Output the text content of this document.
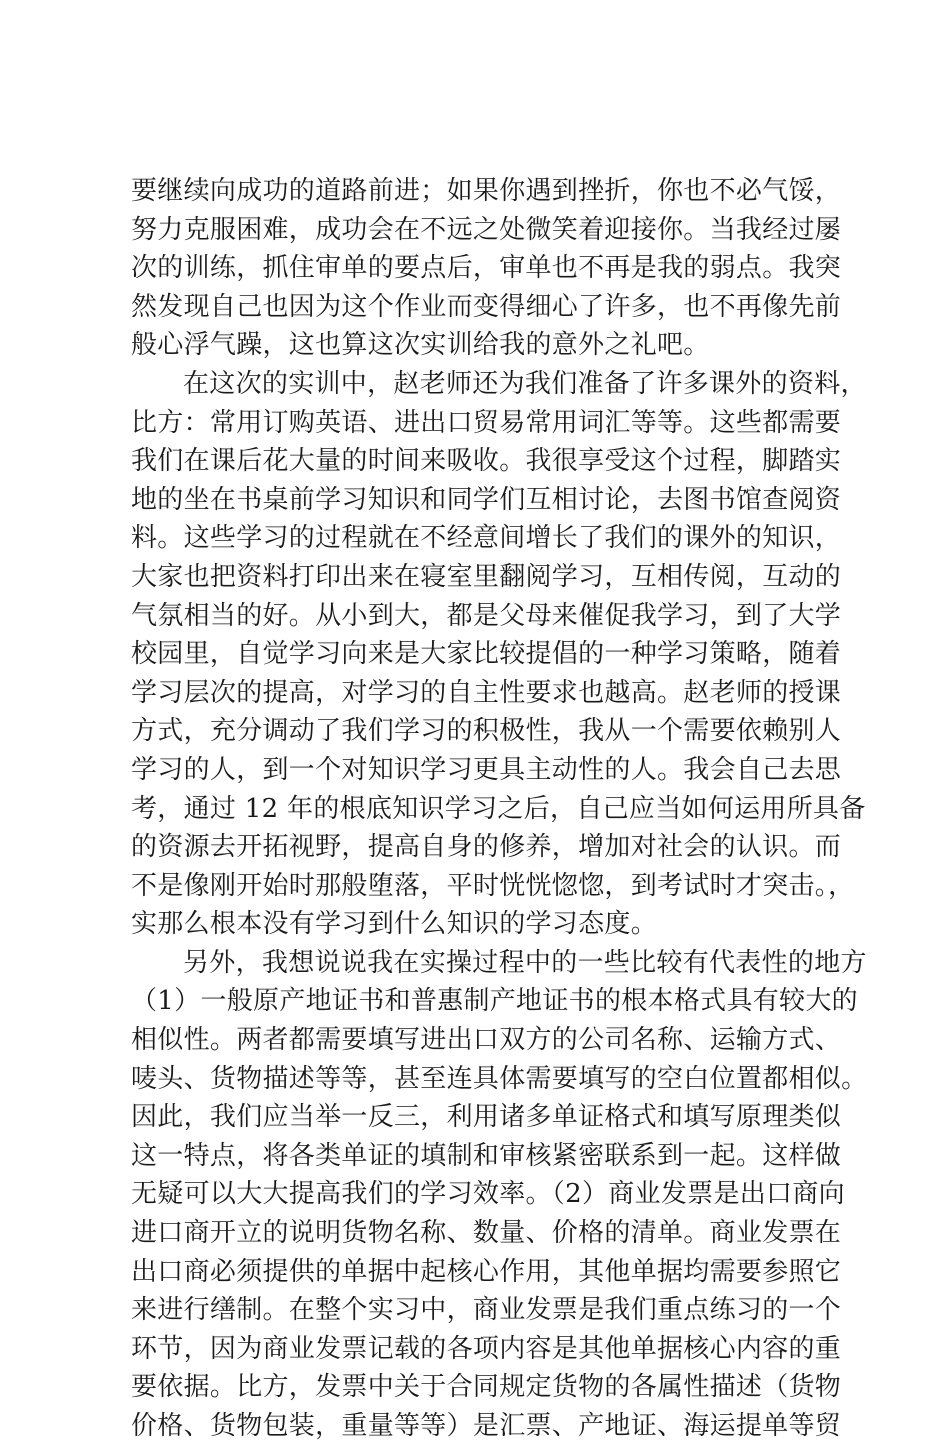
要继续向成功的道路前进；如果你遇到挫折，你也不必气馁，
努力克服困难，成功会在不远之处微笑着迎接你。当我经过屡
次的训练，抓住审单的要点后，审单也不再是我的弱点。我突
然发现自己也因为这个作业而变得细心了许多，也不再像先前
般心浮气躁，这也算这次实训给我的意外之礼吧。
在这次的实训中，赵老师还为我们准备了许多课外的资料，
比方：常用订购英语、进出口贸易常用词汇等等。这些都需要
我们在课后花大量的时间来吸收。我很享受这个过程，脚踏实
地的坐在书桌前学习知识和同学们互相讨论，去图书馆查阅资
料。这些学习的过程就在不经意间增长了我们的课外的知识，
大家也把资料打印出来在寝室里翻阅学习，互相传阅，互动的
气氛相当的好。从小到大，都是父母来催促我学习，到了大学
校园里，自觉学习向来是大家比较提倡的一种学习策略，随着
学习层次的提高，对学习的自主性要求也越高。赵老师的授课
方式，充分调动了我们学习的积极性，我从一个需要依赖别人
学习的人，到一个对知识学习更具主动性的人。我会自己去思
考，通过 12 年的根底知识学习之后，自己应当如何运用所具备
的资源去开拓视野，提高自身的修养，增加对社会的认识。而
不是像刚开始时那般堕落，平时恍恍惚惚，到考试时才突击。，
实那么根本没有学习到什么知识的学习态度。
另外，我想说说我在实操过程中的一些比较有代表性的地方
（1）一般原产地证书和普惠制产地证书的根本格式具有较大的
相似性。两者都需要填写进出口双方的公司名称、运输方式、
唛头、货物描述等等，甚至连具体需要填写的空白位置都相似。
因此，我们应当举一反三，利用诸多单证格式和填写原理类似
这一特点，将各类单证的填制和审核紧密联系到一起。这样做
无疑可以大大提高我们的学习效率。（2）商业发票是出口商向
进口商开立的说明货物名称、数量、价格的清单。商业发票在
出口商必须提供的单据中起核心作用，其他单据均需要参照它
来进行缮制。在整个实习中，商业发票是我们重点练习的一个
环节，因为商业发票记载的各项内容是其他单据核心内容的重
要依据。比方，发票中关于合同规定货物的各属性描述（货物
价格、货物包装，重量等等）是汇票、产地证、海运提单等贸
